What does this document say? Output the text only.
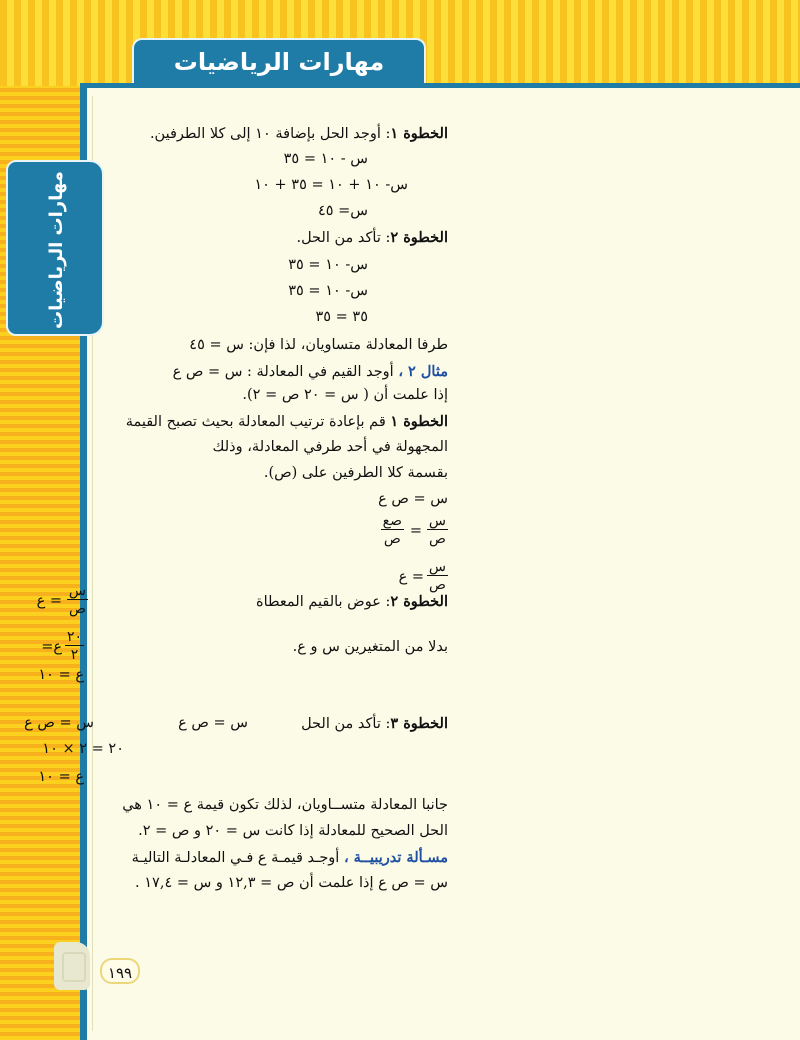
مهارات الرياضيات
مهارات الرياضيات
١٩٩
الخطوة ١: أوجد الحل بإضافة ١٠ إلى كلا الطرفين.
س - ١٠ = ٣٥
س- ١٠ + ١٠ = ٣٥ + ١٠
س= ٤٥
الخطوة ٢: تأكد من الحل.
س- ١٠ = ٣٥
س- ١٠ = ٣٥
٣٥ = ٣٥
طرفا المعادلة متساويان، لذا فإن: س = ٤٥
مثال ٢ ، أوجد القيم في المعادلة : س = ص ع
إذا علمت أن ( س = ٢٠ ص = ٢).
الخطوة ١ قم بإعادة ترتيب المعادلة بحيث تصبح القيمة
المجهولة في أحد طرفي المعادلة، وذلك
بقسمة كلا الطرفين على (ص).
س = ص ع
س
ص
=
صع
ص
س
ص
= ع
الخطوة ٢: عوض بالقيم المعطاة
س
ص
= ع
بدلا من المتغيرين س و ع.
٢٠
٢
ع=
ع = ١٠
الخطوة ٣: تأكد من الحل
س = ص ع
س = ص ع
٢٠ = ٢ × ١٠
ع = ١٠
جانبا المعادلة متســاويان، لذلك تكون قيمة ع = ١٠ هي
الحل الصحيح للمعادلة إذا كانت س = ٢٠ و ص = ٢.
مسـألة تدريبيــة ، أوجـد قيمـة ع فـي المعادلـة التاليـة
س = ص ع إذا علمت أن ص = ١٢,٣ و س = ١٧,٤ .
